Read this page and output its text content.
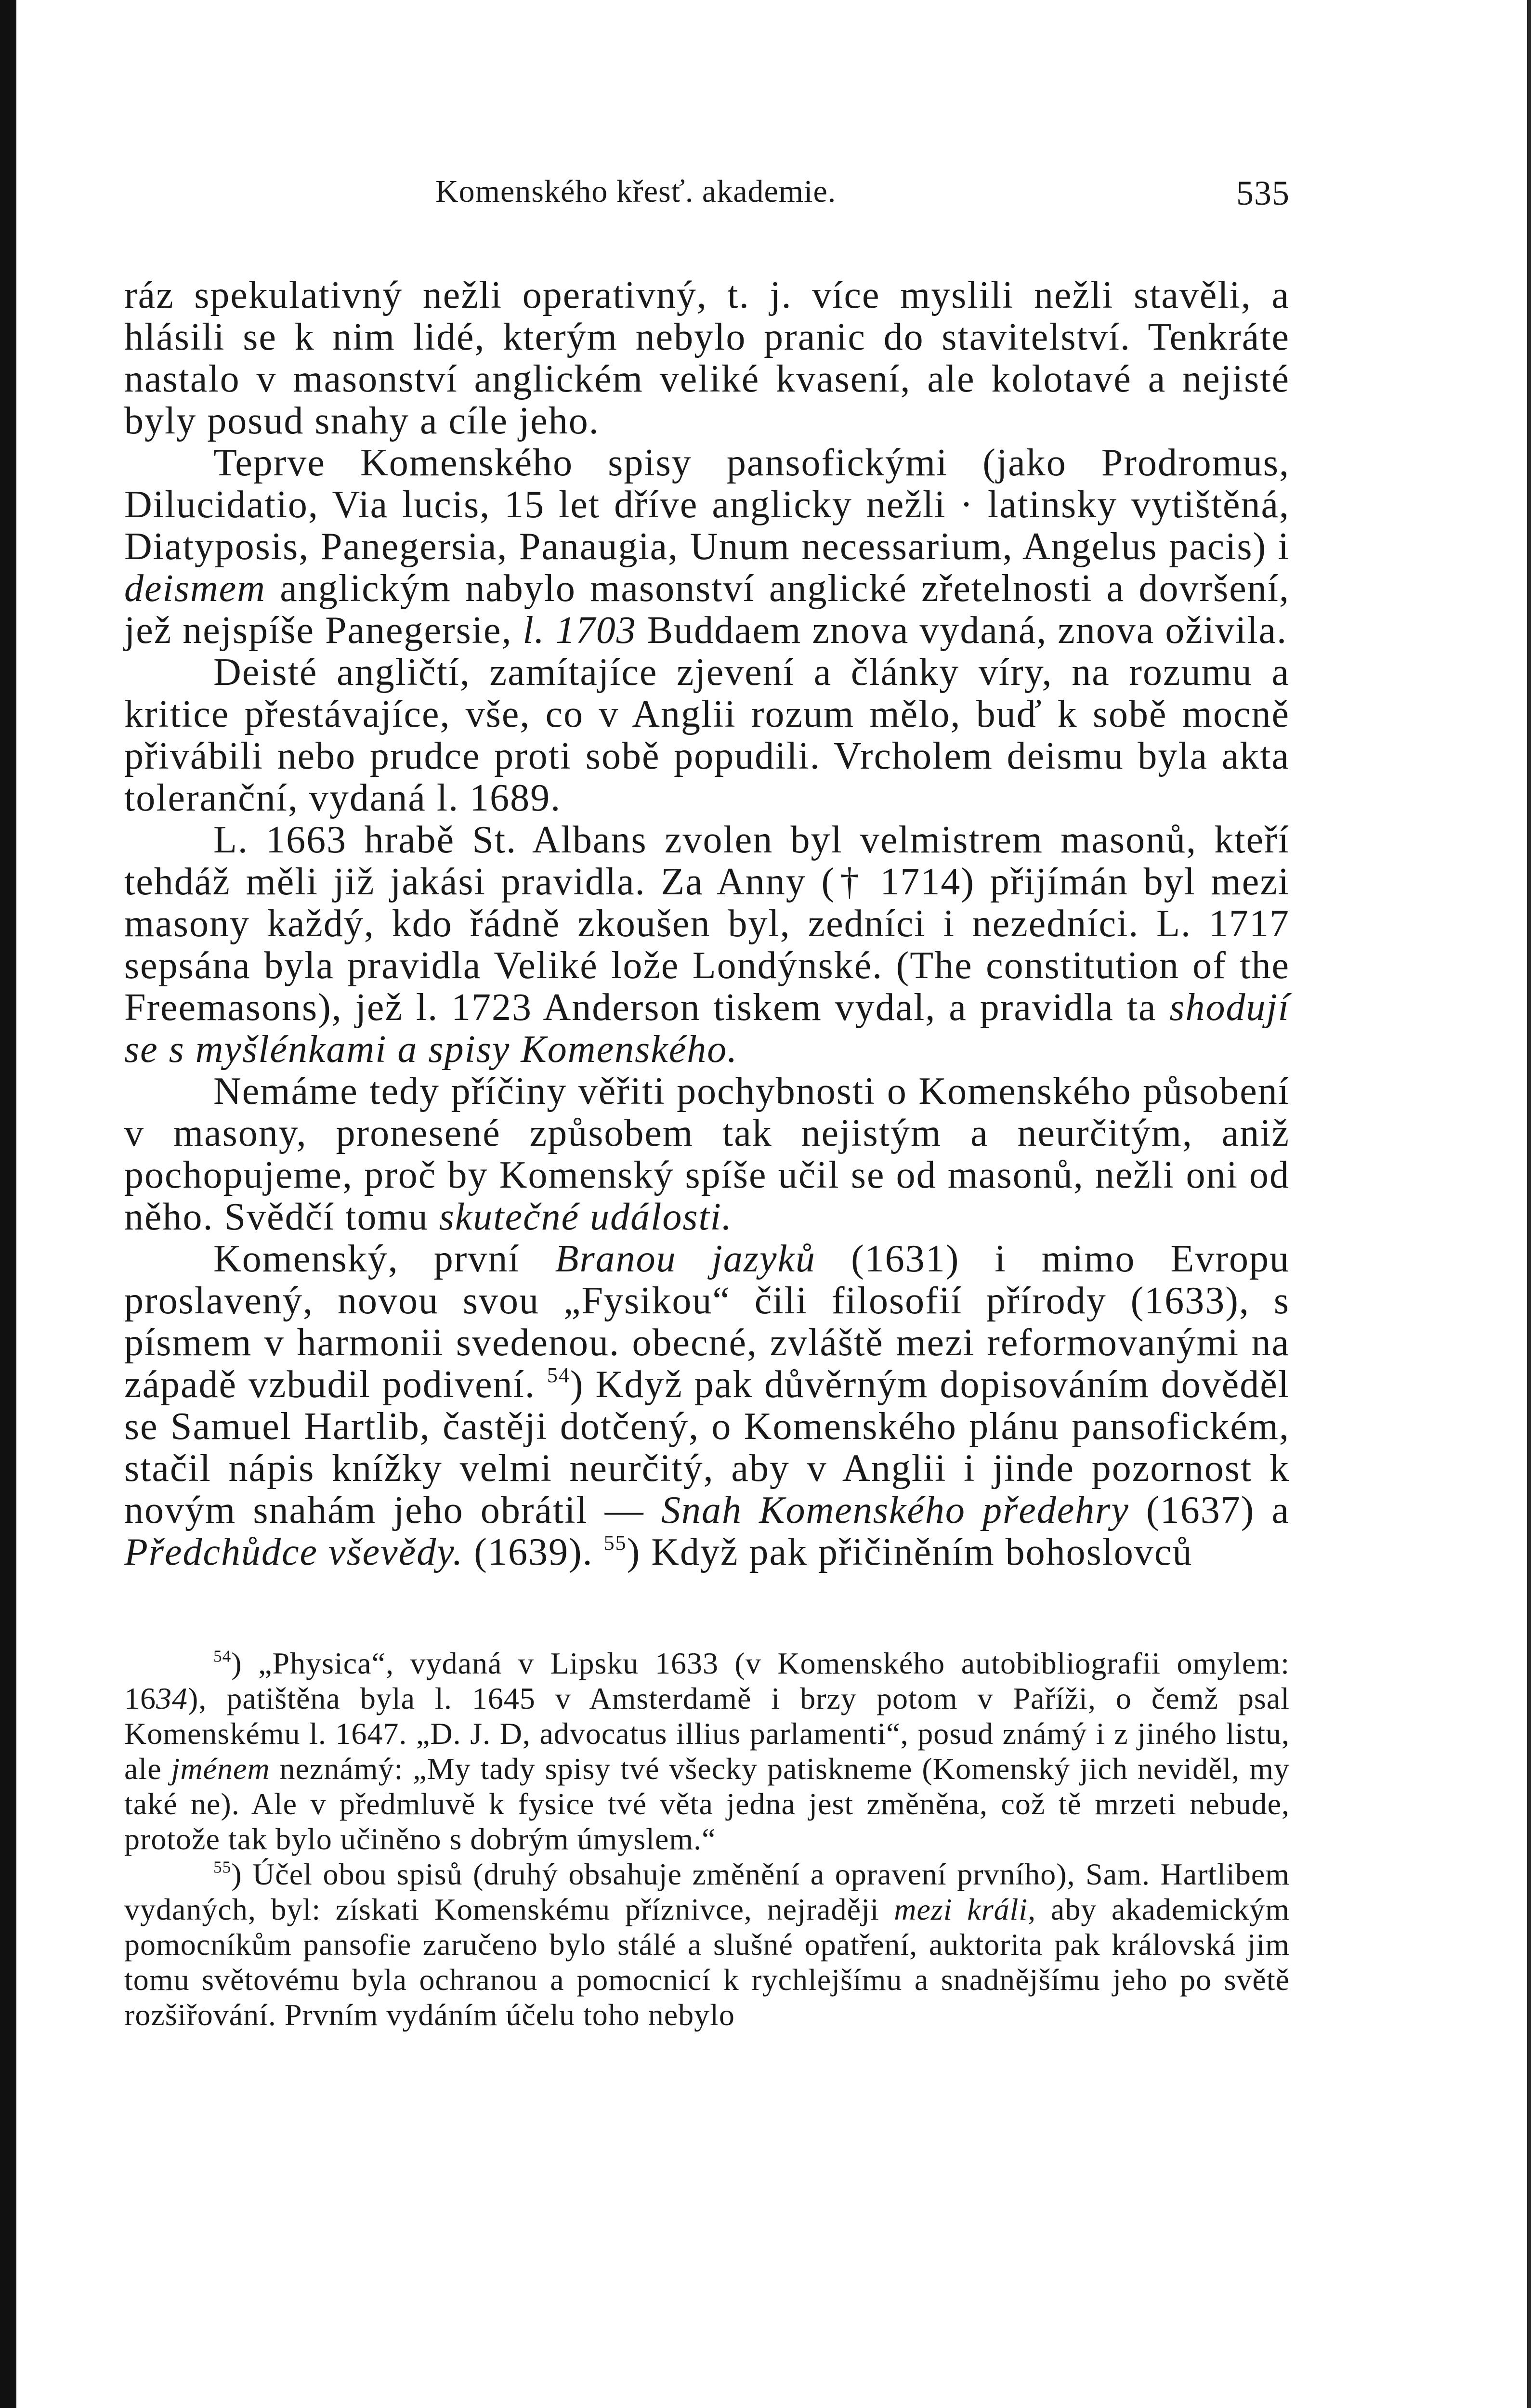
Komenského křesť. akademie.	535

ráz spekulativný nežli operativný, t. j. více myslili nežli stavěli, a hlásili se k nim lidé, kterým nebylo pranic do stavitelství. Tenkráte nastalo v masonství anglickém veliké kvasení, ale kolotavé a nejisté byly posud snahy a cíle jeho.

Teprve Komenského spisy pansofickými (jako Prodromus, Dilucidatio, Via lucis, 15 let dříve anglicky nežli · latinsky vytištěná, Diatyposis, Panegersia, Panaugia, Unum necessarium, Angelus pacis) i deismem anglickým nabylo masonství anglické zřetelnosti a dovršení, jež nejspíše Panegersie, l. 1703 Buddaem znova vydaná, znova oživila.

Deisté angličtí, zamítajíce zjevení a články víry, na rozumu a kritice přestávajíce, vše, co v Anglii rozum mělo, buď k sobě mocně přivábili nebo prudce proti sobě popudili. Vrcholem deismu byla akta toleranční, vydaná l. 1689.

L. 1663 hrabě St. Albans zvolen byl velmistrem masonů, kteří tehdáž měli již jakási pravidla. Za Anny († 1714) přijímán byl mezi masony každý, kdo řádně zkoušen byl, zedníci i nezedníci. L. 1717 sepsána byla pravidla Veliké lože Londýnské. (The constitution of the Freemasons), jež l. 1723 Anderson tiskem vydal, a pravidla ta shodují se s myšlénkami a spisy Komenského.

Nemáme tedy příčiny věřiti pochybnosti o Komenského působení v masony, pronesené způsobem tak nejistým a neurčitým, aniž pochopujeme, proč by Komenský spíše učil se od masonů, nežli oni od něho. Svědčí tomu skutečné události.

Komenský, první Branou jazyků (1631) i mimo Evropu proslavený, novou svou „Fysikou“ čili filosofií přírody (1633), s písmem v harmonii svedenou. obecné, zvláště mezi reformovanými na západě vzbudil podivení. $^{54}$) Když pak důvěrným dopisováním dověděl se Samuel Hartlib, častěji dotčený, o Komenského plánu pansofickém, stačil nápis knížky velmi neurčitý, aby v Anglii i jinde pozornost k novým snahám jeho obrátil — Snah Komenského předehry (1637) a Předchůdce vševědy. (1639). $^{55}$) Když pak přičiněním bohoslovců

$^{54}$) „Physica“, vydaná v Lipsku 1633 (v Komenského autobibliografii omylem: 1634), patištěna byla l. 1645 v Amsterdamě i brzy potom v Paříži, o čemž psal Komenskému l. 1647. „D. J. D, advocatus illius parlamenti“, posud známý i z jiného listu, ale jménem neznámý: „My tady spisy tvé všecky patiskneme (Komenský jich neviděl, my také ne). Ale v předmluvě k fysice tvé věta jedna jest změněna, což tě mrzeti nebude, protože tak bylo učiněno s dobrým úmyslem.“

$^{55}$) Účel obou spisů (druhý obsahuje změnění a opravení prvního), Sam. Hartlibem vydaných, byl: získati Komenskému příznivce, nejraději mezi králi, aby akademickým pomocníkům pansofie zaručeno bylo stálé a slušné opatření, auktorita pak královská jim tomu světovému byla ochranou a pomocnicí k rychlejšímu a snadnějšímu jeho po světě rozšiřování. Prvním vydáním účelu toho nebylo
